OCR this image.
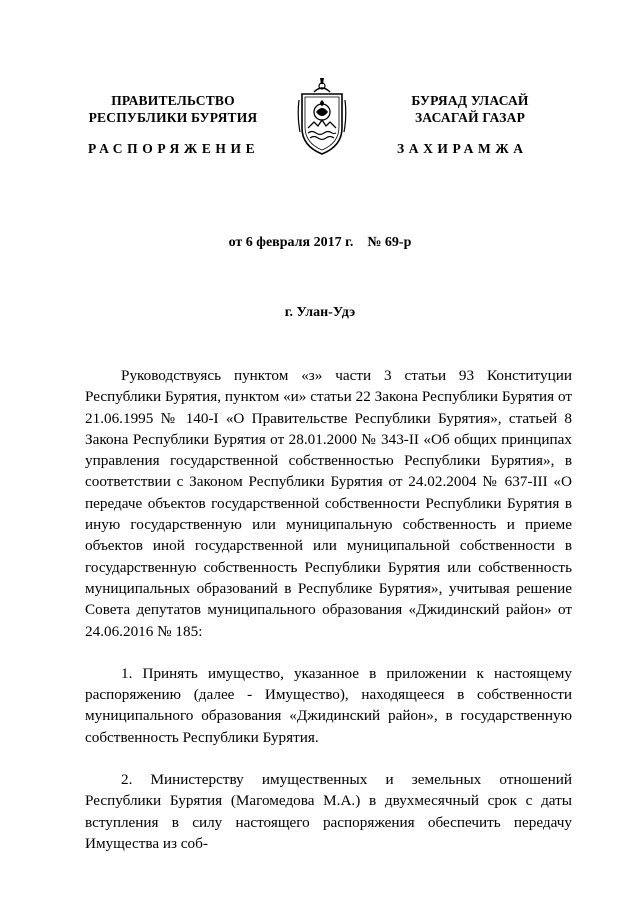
ПРАВИТЕЛЬСТВО
РЕСПУБЛИКИ БУРЯТИЯ
БУРЯАД УЛАСАЙ
ЗАСАГАЙ ГАЗАР
РАСПОРЯЖЕНИЕ	ЗАХИРАМЖА
от 6 февраля 2017 г.    № 69-р
г. Улан-Удэ

Руководствуясь пунктом «з» части 3 статьи 93 Конституции Республики Бурятия, пунктом «и» статьи 22 Закона Республики Бурятия от 21.06.1995 № 140-I «О Правительстве Республики Бурятия», статьей 8 Закона Республики Бурятия от 28.01.2000 № 343-II «Об общих принципах управления государственной собственностью Республики Бурятия», в соответствии с Законом Республики Бурятия от 24.02.2004 № 637-III «О передаче объектов государственной собственности Республики Бурятия в иную государственную или муниципальную собственность и приеме объектов иной государственной или муниципальной собственности в государственную собственность Республики Бурятия или собственность муниципальных образований в Республике Бурятия», учитывая решение Совета депутатов муниципального образования «Джидинский район» от 24.06.2016 № 185:

1. Принять имущество, указанное в приложении к настоящему распоряжению (далее - Имущество), находящееся в собственности муниципального образования «Джидинский район», в государственную собственность Республики Бурятия.

2. Министерству имущественных и земельных отношений Республики Бурятия (Магомедова М.А.) в двухмесячный срок с даты вступления в силу настоящего распоряжения обеспечить передачу Имущества из соб-
